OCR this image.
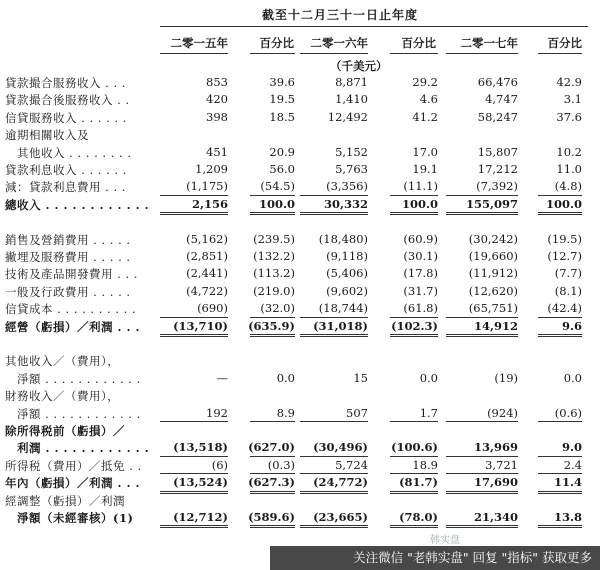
截至十二月三十一日止年度
二零一五年	百分比	二零一六年	百分比	二零一七年	百分比
（千美元）
貸款撮合服務收入 . . .	853	39.6	8,871	29.2	66,476	42.9
貸款撮合後服務收入 . .	420	19.5	1,410	4.6	4,747	3.1
信貸服務收入 . . . . . .	398	18.5	12,492	41.2	58,247	37.6
逾期相關收入及
　其他收入 . . . . . . . .	451	20.9	5,152	17.0	15,807	10.2
貸款利息收入 . . . . . .	1,209	56.0	5,763	19.1	17,212	11.0
減：貸款利息費用 . . .	(1,175)	(54.5)	(3,356)	(11.1)	(7,392)	(4.8)
總收入 . . . . . . . . . . . .	2,156	100.0	30,332	100.0	155,097	100.0
銷售及營銷費用 . . . . .	(5,162)	(239.5)	(18,480)	(60.9)	(30,242)	(19.5)
撇埋及服務費用 . . . . .	(2,851)	(132.2)	(9,118)	(30.1)	(19,660)	(12.7)
技術及產品開發費用 . . .	(2,441)	(113.2)	(5,406)	(17.8)	(11,912)	(7.7)
一般及行政費用 . . . . .	(4,722)	(219.0)	(9,602)	(31.7)	(12,620)	(8.1)
信貸成本 . . . . . . . . . .	(690)	(32.0)	(18,744)	(61.8)	(65,751)	(42.4)
經營（虧損）／利潤 . . .	(13,710)	(635.9)	(31,018)	(102.3)	14,912	9.6
其他收入／（費用），
　淨額 . . . . . . . . . . . .	—	0.0	15	0.0	(19)	0.0
財務收入／（費用），
　淨額 . . . . . . . . . . . .	192	8.9	507	1.7	(924)	(0.6)
除所得税前（虧損）／
　利潤 . . . . . . . . . . . .	(13,518)	(627.0)	(30,496)	(100.6)	13,969	9.0
所得税（費用）／抵免 . .	(6)	(0.3)	5,724	18.9	3,721	2.4
年內（虧損）／利潤 . . .	(13,524)	(627.3)	(24,772)	(81.7)	17,690	11.4
經調整（虧損）／利潤
　淨額（未經審核）(1)	(12,712)	(589.6)	(23,665)	(78.0)	21,340	13.8
韩实盘
关注微信 "老韩实盘" 回复 "指标" 获取更多
